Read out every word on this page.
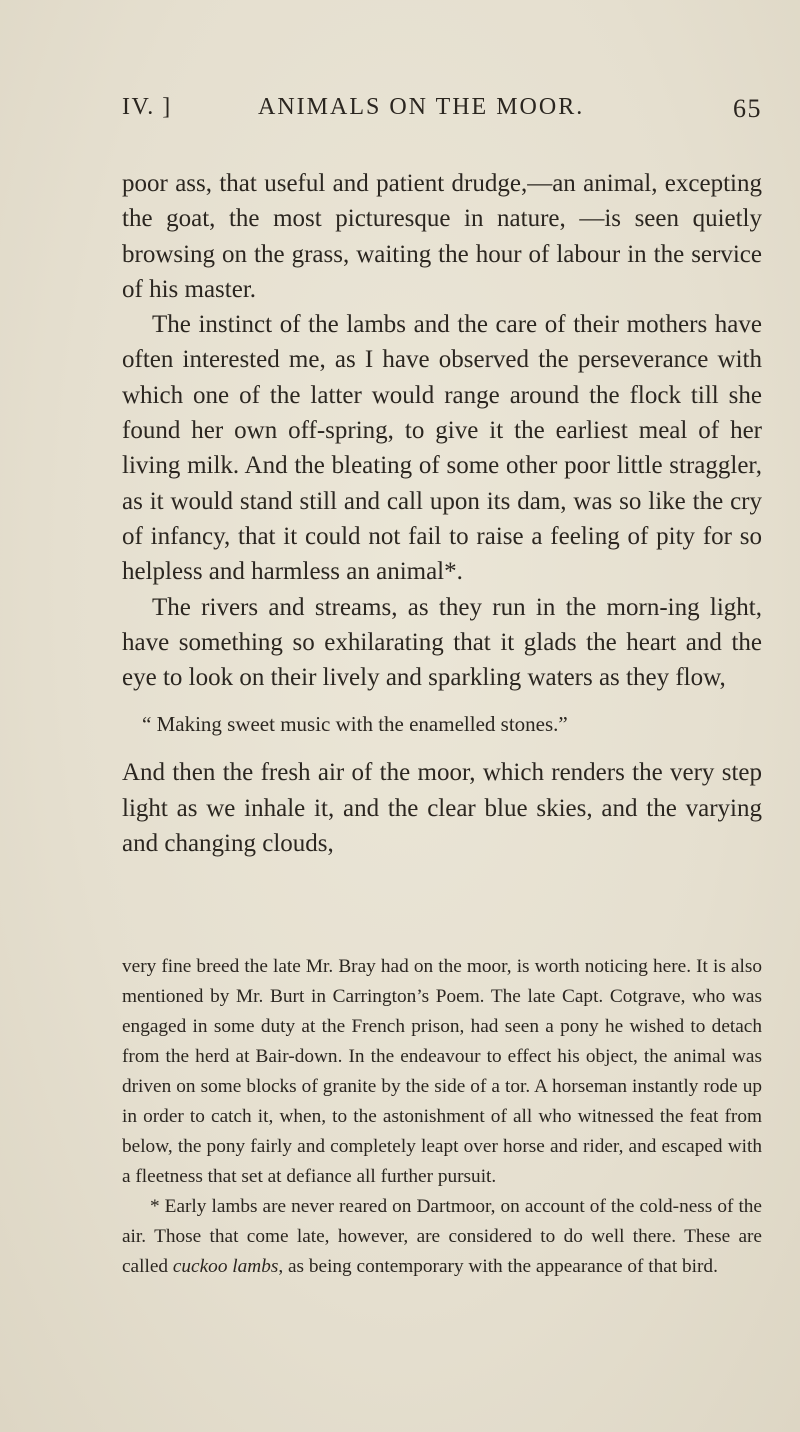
IV. ]	ANIMALS ON THE MOOR.	65

poor ass, that useful and patient drudge,—an animal, excepting the goat, the most picturesque in nature, —is seen quietly browsing on the grass, waiting the hour of labour in the service of his master.

The instinct of the lambs and the care of their mothers have often interested me, as I have observed the perseverance with which one of the latter would range around the flock till she found her own off-spring, to give it the earliest meal of her living milk. And the bleating of some other poor little straggler, as it would stand still and call upon its dam, was so like the cry of infancy, that it could not fail to raise a feeling of pity for so helpless and harmless an animal*.

The rivers and streams, as they run in the morn-ing light, have something so exhilarating that it glads the heart and the eye to look on their lively and sparkling waters as they flow,

“ Making sweet music with the enamelled stones.”

And then the fresh air of the moor, which renders the very step light as we inhale it, and the clear blue skies, and the varying and changing clouds,

very fine breed the late Mr. Bray had on the moor, is worth noticing here. It is also mentioned by Mr. Burt in Carrington’s Poem. The late Capt. Cotgrave, who was engaged in some duty at the French prison, had seen a pony he wished to detach from the herd at Bair-down. In the endeavour to effect his object, the animal was driven on some blocks of granite by the side of a tor. A horseman instantly rode up in order to catch it, when, to the astonishment of all who witnessed the feat from below, the pony fairly and completely leapt over horse and rider, and escaped with a fleetness that set at defiance all further pursuit.

* Early lambs are never reared on Dartmoor, on account of the cold-ness of the air. Those that come late, however, are considered to do well there. These are called cuckoo lambs, as being contemporary with the appearance of that bird.
